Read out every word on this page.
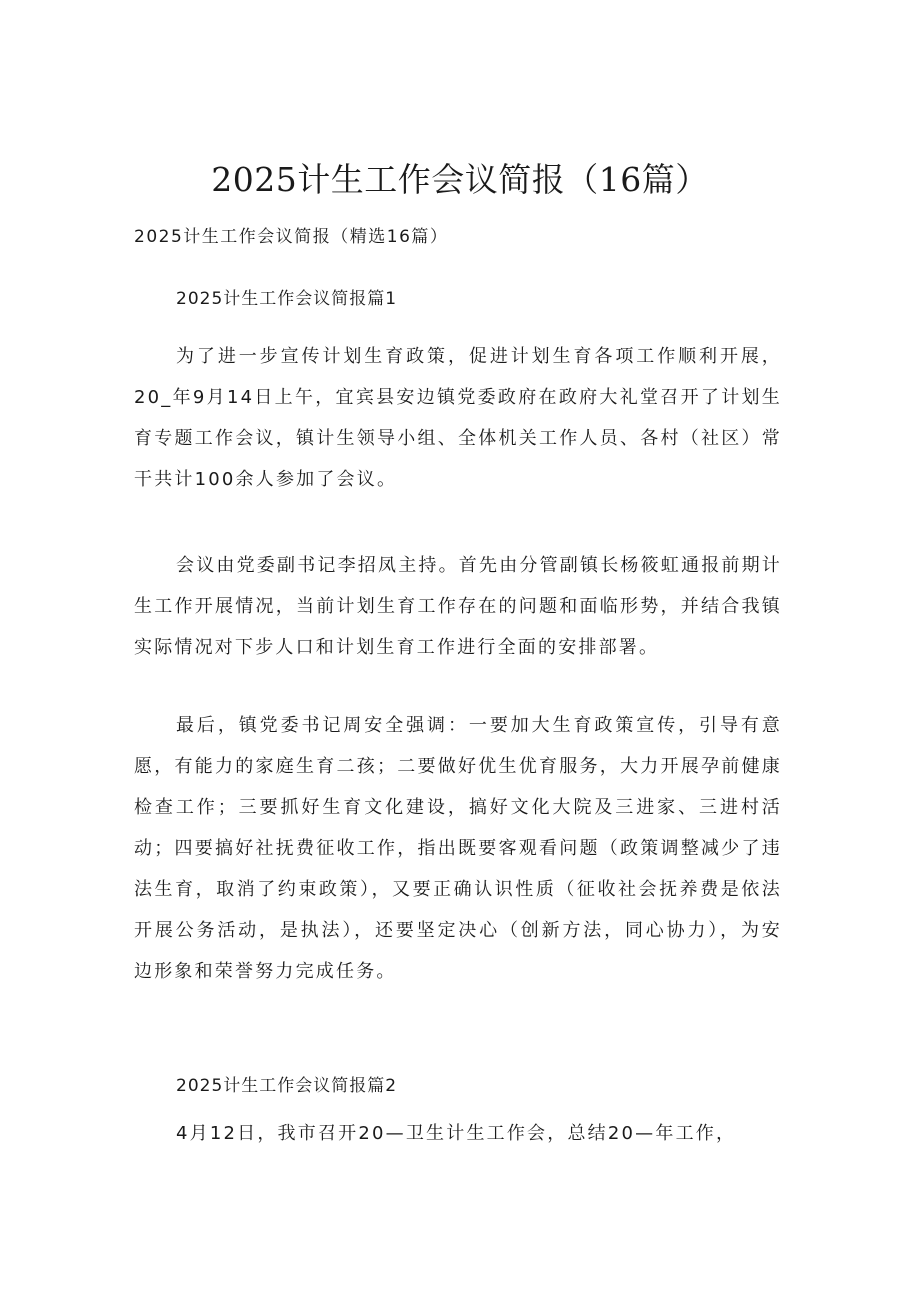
2025计生工作会议简报（16篇）

2025计生工作会议简报（精选16篇）

2025计生工作会议简报篇1

为了进一步宣传计划生育政策，促进计划生育各项工作顺利开展，20_年9月14日上午，宜宾县安边镇党委政府在政府大礼堂召开了计划生育专题工作会议，镇计生领导小组、全体机关工作人员、各村（社区）常干共计100余人参加了会议。

会议由党委副书记李招凤主持。首先由分管副镇长杨筱虹通报前期计生工作开展情况，当前计划生育工作存在的问题和面临形势，并结合我镇实际情况对下步人口和计划生育工作进行全面的安排部署。

最后，镇党委书记周安全强调：一要加大生育政策宣传，引导有意愿，有能力的家庭生育二孩；二要做好优生优育服务，大力开展孕前健康检查工作；三要抓好生育文化建设，搞好文化大院及三进家、三进村活动；四要搞好社抚费征收工作，指出既要客观看问题（政策调整减少了违法生育，取消了约束政策），又要正确认识性质（征收社会抚养费是依法开展公务活动，是执法），还要坚定决心（创新方法，同心协力），为安边形象和荣誉努力完成任务。

2025计生工作会议简报篇2

4月12日，我市召开20—卫生计生工作会，总结20—年工作，
